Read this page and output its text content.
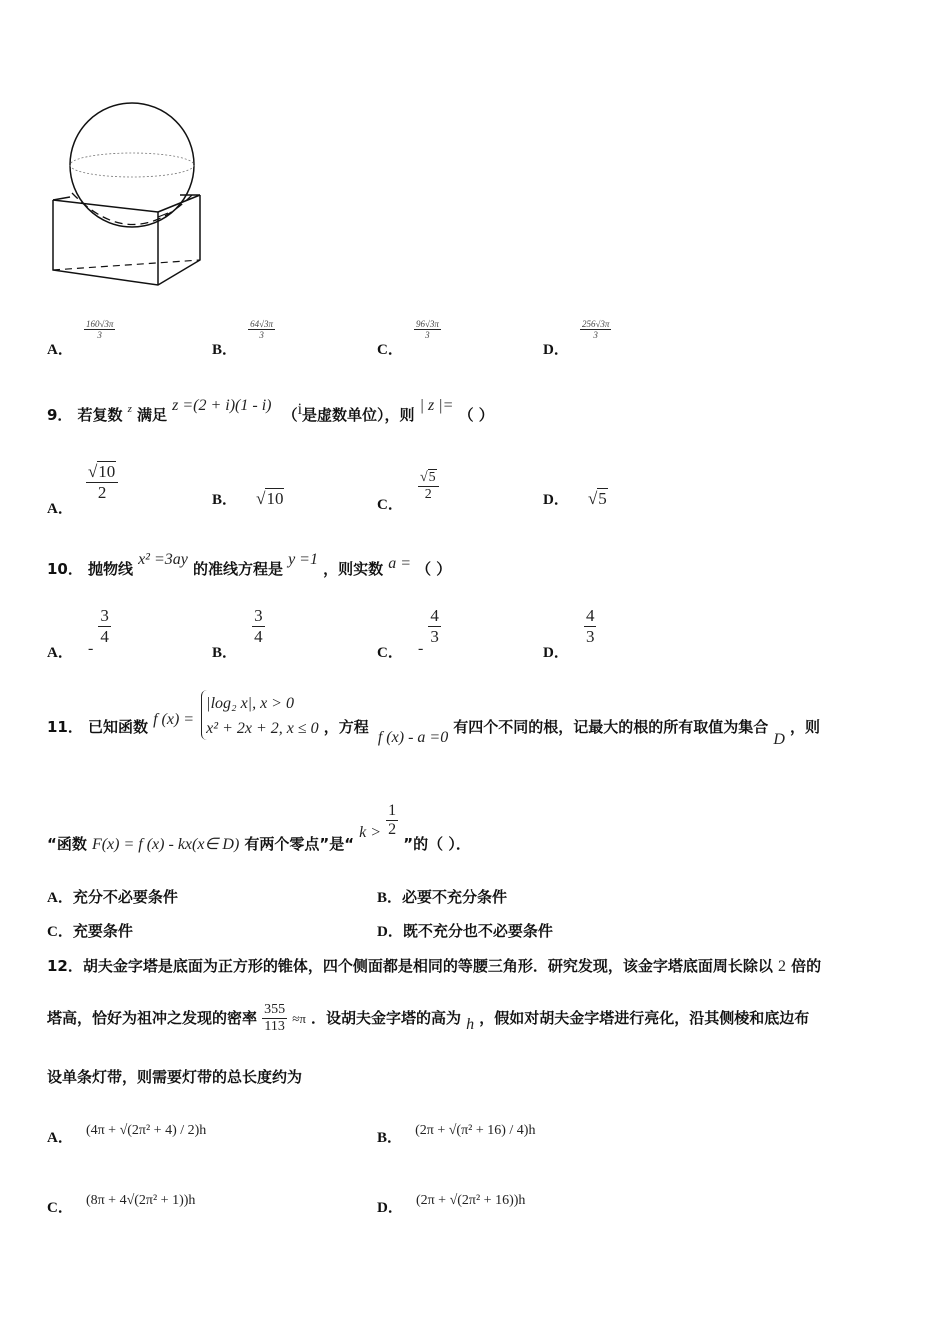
A．
$\frac{160√3\pi}{3}$
B．
$\frac{64√3\pi}{3}$
C．
$\frac{96√3\pi}{3}$
D．
$\frac{256√3\pi}{3}$
9． 若复数 $^z$ 满足 z =(2 + i)(1 - i) （i是虚数单位），则 | z |= （ ）
A．
$\frac{√10}{2}$	B． √10	C．
$\frac{√5}{2}$	D． √5
10． 抛物线 x² =3ay 的准线方程是 y =1 ，则实数 a = （ ）
A． -
$\frac{3}{4}$
B．
$\frac{3}{4}$
C． -
$\frac{4}{3}$
D．
$\frac{4}{3}$
11． 已知函数 f (x) =
|log₂ x|, x > 0
x² + 2x + 2, x ≤ 0 ，方程 f (x) - a =0 有四个不同的根，记最大的根的所有取值为集合 D ，则
“函数 F(x) = f (x) - kx(x∈ D) 有两个零点”是“ $k > \frac{1}{2}$
”的（ ）．
A．充分不必要条件	B．必要不充分条件
C．充要条件	D．既不充分也不必要条件
12．胡夫金字塔是底面为正方形的锥体，四个侧面都是相同的等腰三角形．研究发现，该金字塔底面周长除以 2 倍的
塔高，恰好为祖冲之发现的密率 $\frac{355}{113} \approx\pi$ ．设胡夫金字塔的高为 h ，假如对胡夫金字塔进行亮化，沿其侧棱和底边布
设单条灯带，则需要灯带的总长度约为
A． (4π + √(2π² + 4) / 2)h	B． (2π + √(π² + 16) / 4)h
C． (8π + 4√(2π² + 1))h	D． (2π + √(2π² + 16))h
